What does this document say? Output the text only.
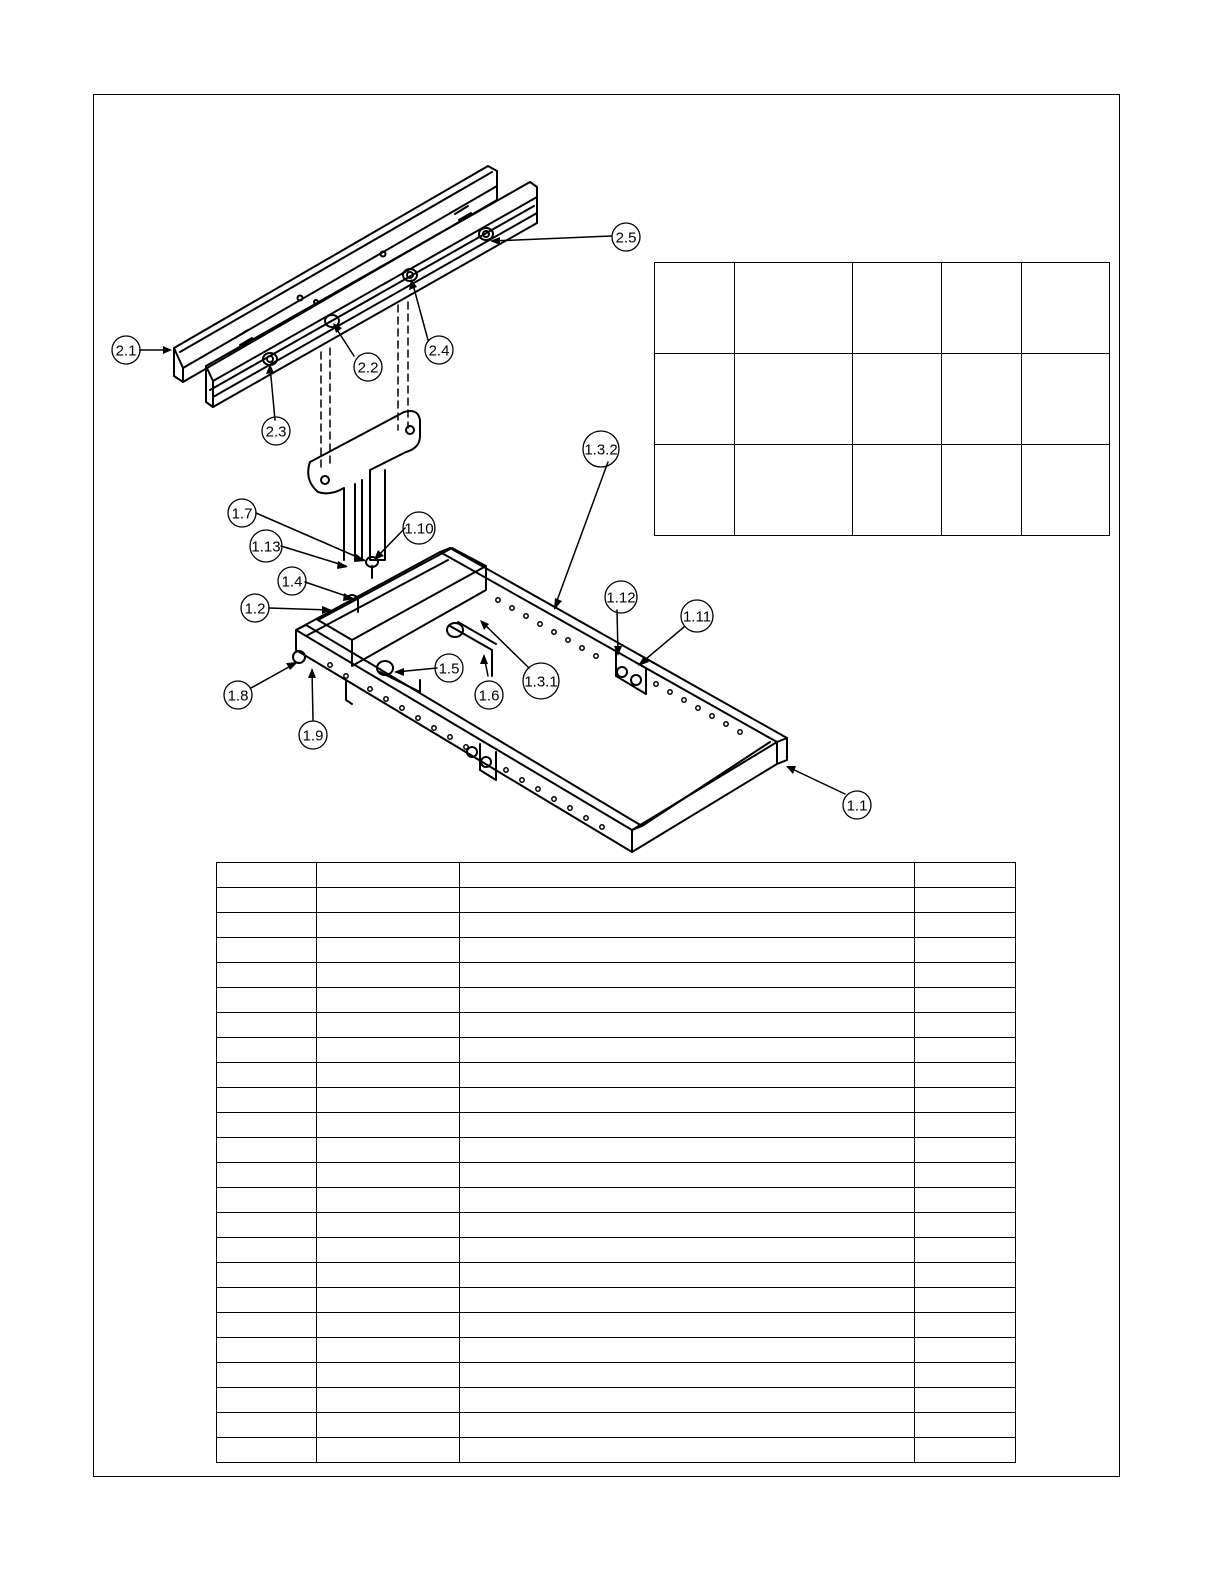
2.1
2.2
2.3
2.4
2.5
1.3.2
1.7
1.13
1.4
1.2
1.10
1.5
1.6
1.3.1
1.8
1.9
1.12
1.11
1.1
